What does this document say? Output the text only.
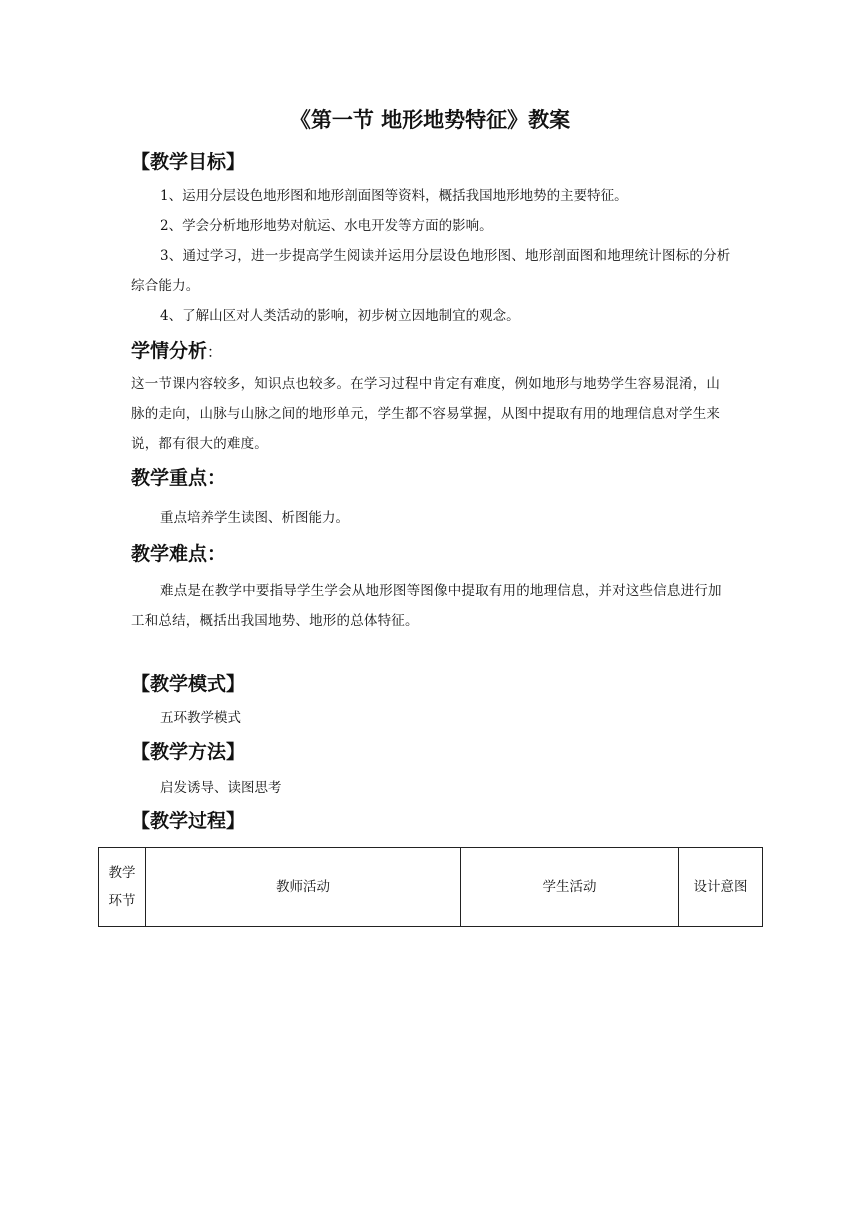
《第一节 地形地势特征》教案
【教学目标】
1、运用分层设色地形图和地形剖面图等资料，概括我国地形地势的主要特征。
2、学会分析地形地势对航运、水电开发等方面的影响。
3、通过学习，进一步提高学生阅读并运用分层设色地形图、地形剖面图和地理统计图标的分析综合能力。
4、了解山区对人类活动的影响，初步树立因地制宜的观念。
学情分析：
这一节课内容较多，知识点也较多。在学习过程中肯定有难度，例如地形与地势学生容易混淆，山脉的走向，山脉与山脉之间的地形单元，学生都不容易掌握，从图中提取有用的地理信息对学生来说，都有很大的难度。
教学重点：
重点培养学生读图、析图能力。
教学难点：
难点是在教学中要指导学生学会从地形图等图像中提取有用的地理信息，并对这些信息进行加工和总结，概括出我国地势、地形的总体特征。
【教学模式】
五环教学模式
【教学方法】
启发诱导、读图思考
【教学过程】
教学环节	教师活动	学生活动	设计意图
